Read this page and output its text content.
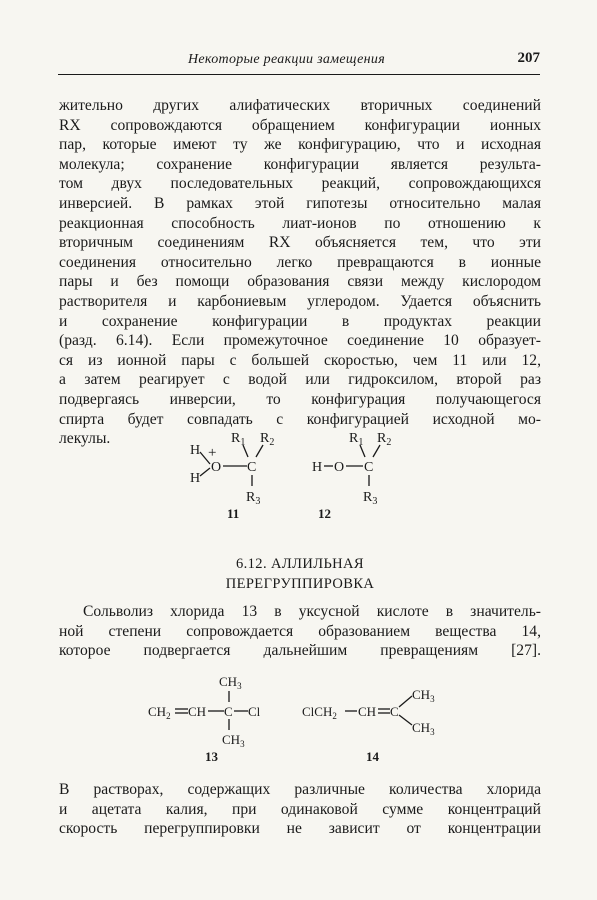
Некоторые реакции замещения	207
жительно других алифатических вторичных соединений
RX сопровождаются обращением конфигурации ионных
пар, которые имеют ту же конфигурацию, что и исходная
молекула; сохранение конфигурации является результа-
том двух последовательных реакций, сопровождающихся
инверсией. В рамках этой гипотезы относительно малая
реакционная способность лиат-ионов по отношению к
вторичным соединениям RX объясняется тем, что эти
соединения относительно легко превращаются в ионные
пары и без помощи образования связи между кислородом
растворителя и карбониевым углеродом. Удается объяснить
и сохранение конфигурации в продуктах реакции
(разд. 6.14). Если промежуточное соединение 10 образует-
ся из ионной пары с большей скоростью, чем 11 или 12,
а затем реагирует с водой или гидроксилом, второй раз
подвергаясь инверсии, то конфигурация получающегося
спирта будет совпадать с конфигурацией исходной мо-
лекулы.
H
H
+
O C
$R_1$ $R_2$
$R_3$
11
H O C
$R_1$ $R_2$
$R_3$
12
6.12. АЛЛИЛЬНАЯ
ПЕРЕГРУППИРОВКА
Сольволиз хлорида 13 в уксусной кислоте в значитель-
ной степени сопровождается образованием вещества 14,
которое подвергается дальнейшим превращениям [27].
$CH_3$
$CH_2$ CH C Cl
$CH_3$
13
ClCH$_2$ CH C
$CH_3$
$CH_3$
14
В растворах, содержащих различные количества хлорида
и ацетата калия, при одинаковой сумме концентраций
скорость перегруппировки не зависит от концентрации
